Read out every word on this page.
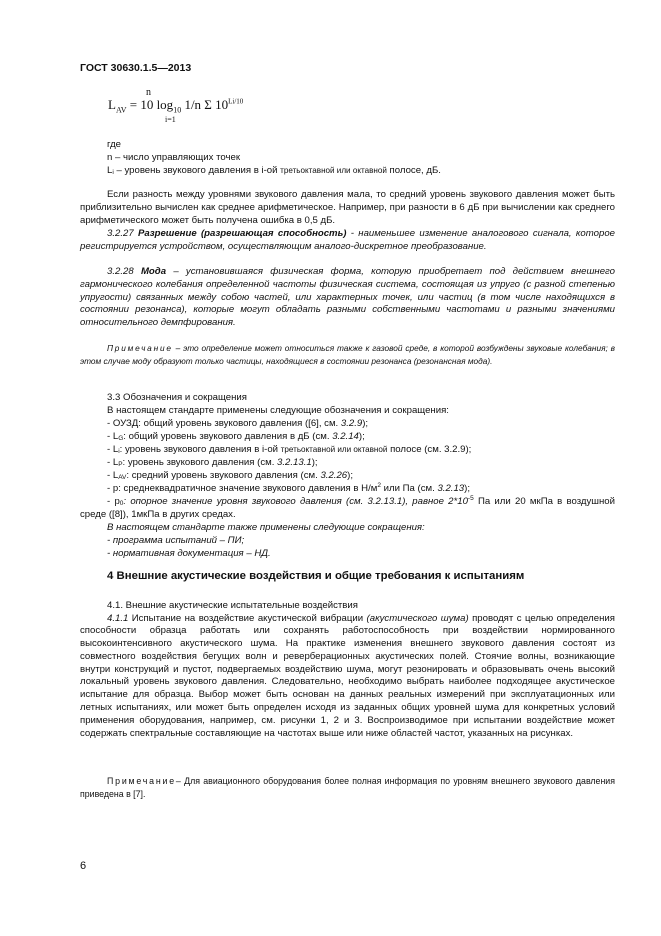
ГОСТ 30630.1.5—2013
n
$L_{AV} = 10$ $\log_{10} 1/n$ Σ $10^{Li/10}$
i=1
где
n – число управляющих точек
$L_i$ – уровень звукового давления в i-ой третьоктавной или октавной полосе, дБ.
Если разность между уровнями звукового давления мала, то средний уровень звукового давления может быть приблизительно вычислен как среднее арифметическое. Например, при разности в 6 дБ при вычислении как среднего арифметического может быть получена ошибка в 0,5 дБ.
3.2.27 Разрешение (разрешающая способность) - наименьшее изменение аналогового сигнала, которое регистрируется устройством, осуществляющим аналого-дискретное преобразование.
3.2.28 Мода – установившаяся физическая форма, которую приобретает под действием внешнего гармонического колебания определенной частоты физическая система, состоящая из упруго (с разной степенью упругости) связанных между собою частей, или характерных точек, или частиц (в том числе находящихся в состоянии резонанса), которые могут обладать разными собственными частотами и разными значениями относительного демпфирования.
Примечание – это определение может относиться также к газовой среде, в которой возбуждены звуковые колебания; в этом случае моду образуют только частицы, находящиеся в состоянии резонанса (резонансная мода).
3.3 Обозначения и сокращения
В настоящем стандарте применены следующие обозначения и сокращения:
- ОУЗД: общий уровень звукового давления ([6], см. 3.2.9);
- $L_G$: общий уровень звукового давления в дБ (см. 3.2.14);
- $L_i$: уровень звукового давления в i-ой третьоктавной или октавной полосе (см. 3.2.9);
- $L_P$: уровень звукового давления (см. 3.2.13.1);
- $L_{AV}$: средний уровень звукового давления (см. 3.2.26);
- p: среднеквадратичное значение звукового давления в $Н/м^2$ или Па (см. 3.2.13);
- $p_0$: опорное значение уровня звукового давления (см. 3.2.13.1), равное $2*10^{-5}$ Па или 20 мкПа в воздушной среде ([8]), 1мкПа в других средах.
В настоящем стандарте также применены следующие сокращения:
- программа испытаний – ПИ;
- нормативная документация – НД.
4 Внешние акустические воздействия и общие требования к испытаниям
4.1. Внешние акустические испытательные воздействия
4.1.1 Испытание на воздействие акустической вибрации (акустического шума) проводят с целью определения способности образца работать или сохранять работоспособность при воздействии нормированного высокоинтенсивного акустического шума. На практике изменения внешнего звукового давления состоят из совместного воздействия бегущих волн и реверберационных акустических полей. Стоячие волны, возникающие внутри конструкций и пустот, подвергаемых воздействию шума, могут резонировать и образовывать очень высокий локальный уровень звукового давления. Следовательно, необходимо выбрать наиболее подходящее акустическое испытание для образца. Выбор может быть основан на данных реальных измерений при эксплуатационных или летных испытаниях, или может быть определен исходя из заданных общих уровней шума для конкретных условий применения оборудования, например, см. рисунки 1, 2 и 3. Воспроизводимое при испытании воздействие может содержать спектральные составляющие на частотах выше или ниже областей частот, указанных на рисунках.
Примечание– Для авиационного оборудования более полная информация по уровням внешнего звукового давления приведена в [7].
6
